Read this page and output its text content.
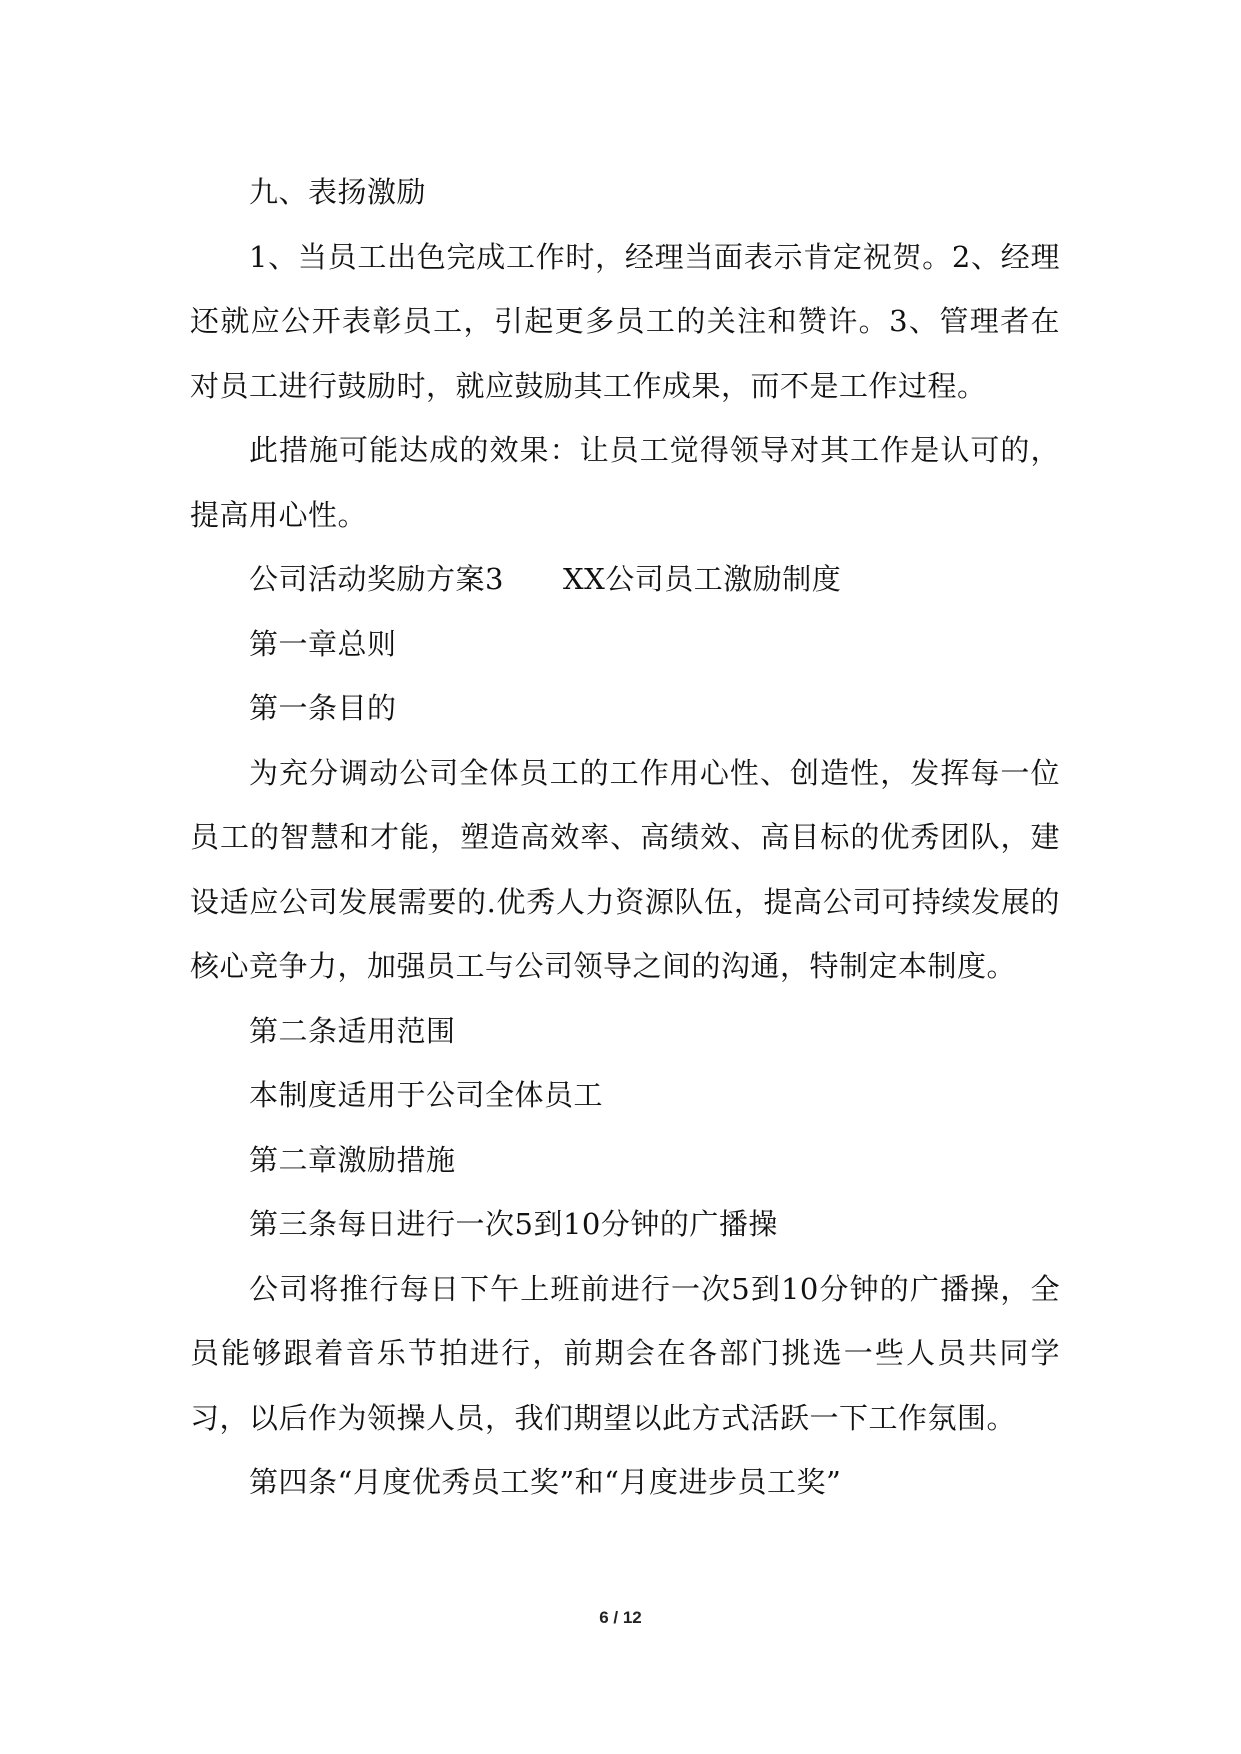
九、表扬激励

1、当员工出色完成工作时，经理当面表示肯定祝贺。2、经理还就应公开表彰员工，引起更多员工的关注和赞许。3、管理者在对员工进行鼓励时，就应鼓励其工作成果，而不是工作过程。

此措施可能达成的效果：让员工觉得领导对其工作是认可的，提高用心性。

公司活动奖励方案3　　XX公司员工激励制度

第一章总则

第一条目的

为充分调动公司全体员工的工作用心性、创造性，发挥每一位员工的智慧和才能，塑造高效率、高绩效、高目标的优秀团队，建设适应公司发展需要的.优秀人力资源队伍，提高公司可持续发展的核心竞争力，加强员工与公司领导之间的沟通，特制定本制度。

第二条适用范围

本制度适用于公司全体员工

第二章激励措施

第三条每日进行一次5到10分钟的广播操

公司将推行每日下午上班前进行一次5到10分钟的广播操，全员能够跟着音乐节拍进行，前期会在各部门挑选一些人员共同学习，以后作为领操人员，我们期望以此方式活跃一下工作氛围。

第四条“月度优秀员工奖”和“月度进步员工奖”

6 / 12
